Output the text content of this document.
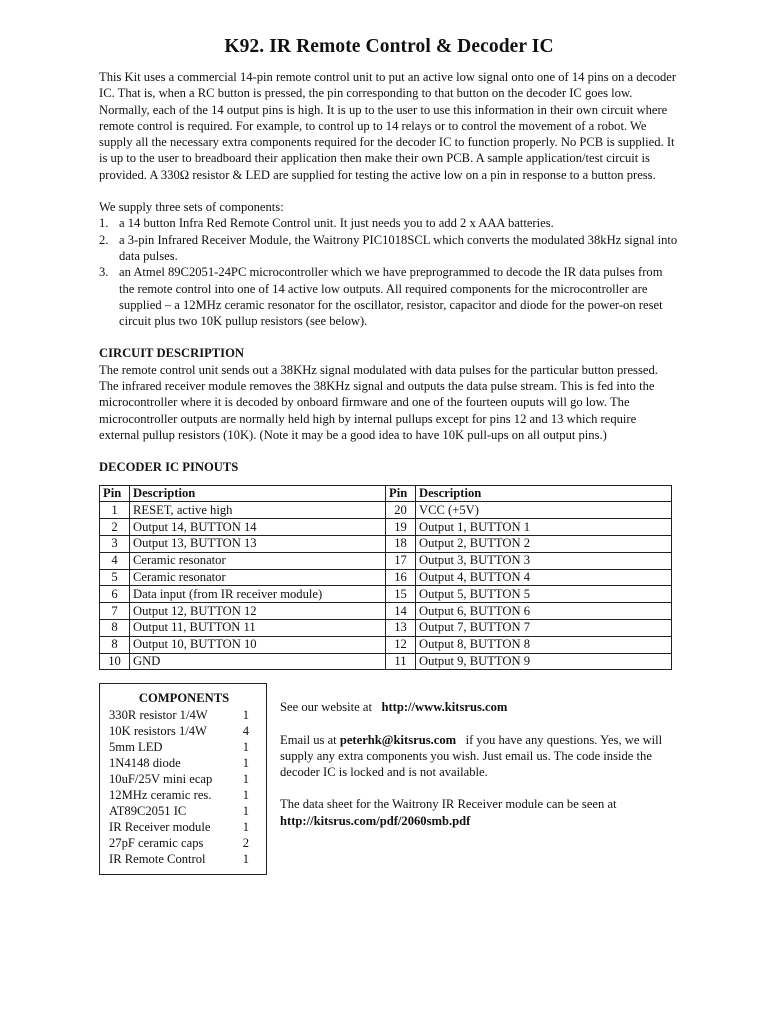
K92. IR Remote Control & Decoder IC

This Kit uses a commercial 14-pin remote control unit to put an active low signal onto one of 14 pins on a decoder IC. That is, when a RC button is pressed, the pin corresponding to that button on the decoder IC goes low. Normally, each of the 14 output pins is high. It is up to the user to use this information in their own circuit where remote control is required. For example, to control up to 14 relays or to control the movement of a robot. We supply all the necessary extra components required for the decoder IC to function properly. No PCB is supplied. It is up to the user to breadboard their application then make their own PCB. A sample application/test circuit is provided. A 330Ω resistor & LED are supplied for testing the active low on a pin in response to a button press.

We supply three sets of components:

1. a 14 button Infra Red Remote Control unit. It just needs you to add 2 x AAA batteries.
2. a 3-pin Infrared Receiver Module, the Waitrony PIC1018SCL which converts the modulated 38kHz signal into data pulses.
3. an Atmel 89C2051-24PC microcontroller which we have preprogrammed to decode the IR data pulses from the remote control into one of 14 active low outputs. All required components for the microcontroller are supplied – a 12MHz ceramic resonator for the oscillator, resistor, capacitor and diode for the power-on reset circuit plus two 10K pullup resistors (see below).

CIRCUIT DESCRIPTION

The remote control unit sends out a 38KHz signal modulated with data pulses for the particular button pressed. The infrared receiver module removes the 38KHz signal and outputs the data pulse stream. This is fed into the microcontroller where it is decoded by onboard firmware and one of the fourteen ouputs will go low. The microcontroller outputs are normally held high by internal pullups except for pins 12 and 13 which require external pullup resistors (10K). (Note it may be a good idea to have 10K pull-ups on all output pins.)

DECODER IC PINOUTS

Pin	Description	Pin	Description
1	RESET, active high	20	VCC (+5V)
2	Output 14, BUTTON 14	19	Output 1, BUTTON 1
3	Output 13, BUTTON 13	18	Output 2, BUTTON 2
4	Ceramic resonator	17	Output 3, BUTTON 3
5	Ceramic resonator	16	Output 4, BUTTON 4
6	Data input (from IR receiver module)	15	Output 5, BUTTON 5
7	Output 12, BUTTON 12	14	Output 6, BUTTON 6
8	Output 11, BUTTON 11	13	Output 7, BUTTON 7
8	Output 10, BUTTON 10	12	Output 8, BUTTON 8
10	GND	11	Output 9, BUTTON 9
COMPONENTS
330R resistor 1/4W	1
10K resistors 1/4W	4
5mm LED	1
1N4148 diode	1
10uF/25V mini ecap	1
12MHz ceramic res.	1
AT89C2051 IC	1
IR Receiver module	1
27pF ceramic caps	2
IR Remote Control	1

See our website at http://www.kitsrus.com

Email us at peterhk@kitsrus.com if you have any questions. Yes, we will supply any extra components you wish. Just email us. The code inside the decoder IC is locked and is not available.

The data sheet for the Waitrony IR Receiver module can be seen at
http://kitsrus.com/pdf/2060smb.pdf
